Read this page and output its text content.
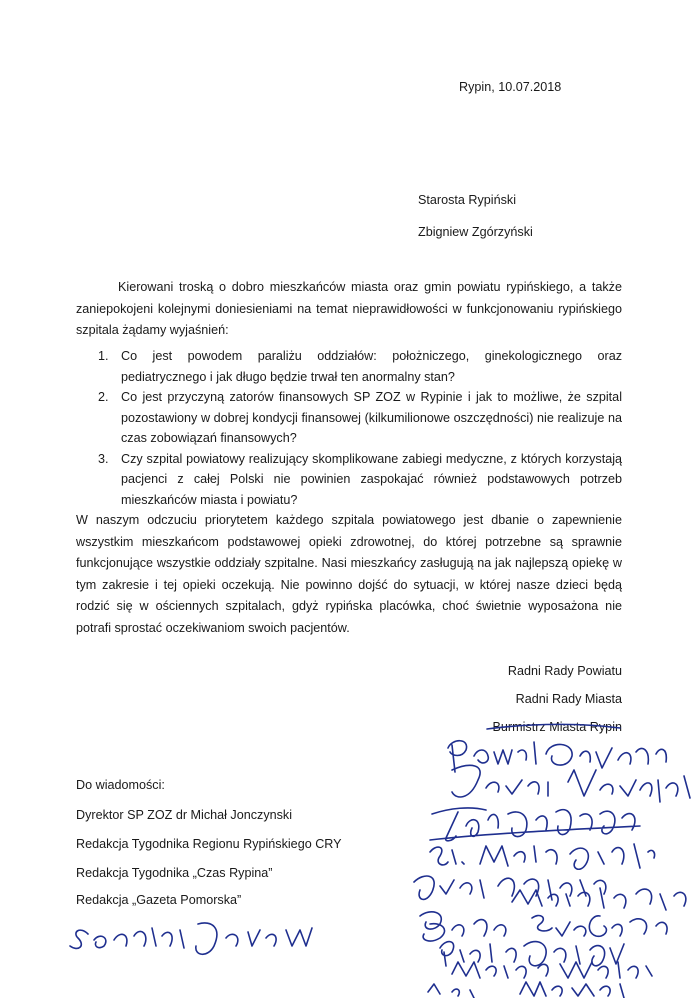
Rypin, 10.07.2018
Starosta Rypiński
Zbigniew Zgórzyński
Kierowani troską o dobro mieszkańców miasta oraz gmin powiatu rypińskiego, a także zaniepokojeni kolejnymi doniesieniami na temat nieprawidłowości w funkcjonowaniu rypińskiego szpitala żądamy wyjaśnień:
1. Co jest powodem paraliżu oddziałów: położniczego, ginekologicznego oraz pediatrycznego i jak długo będzie trwał ten anormalny stan?
2. Co jest przyczyną zatorów finansowych SP ZOZ w Rypinie i jak to możliwe, że szpital pozostawiony w dobrej kondycji finansowej (kilkumilionowe oszczędności) nie realizuje na czas zobowiązań finansowych?
3. Czy szpital powiatowy realizujący skomplikowane zabiegi medyczne, z których korzystają pacjenci z całej Polski nie powinien zaspokajać również podstawowych potrzeb mieszkańców miasta i powiatu?
W naszym odczuciu priorytetem każdego szpitala powiatowego jest dbanie o zapewnienie wszystkim mieszkańcom podstawowej opieki zdrowotnej, do której potrzebne są sprawnie funkcjonujące wszystkie oddziały szpitalne. Nasi mieszkańcy zasługują na jak najlepszą opiekę w tym zakresie i tej opieki oczekują. Nie powinno dojść do sytuacji, w której nasze dzieci będą rodzić się w ościennych szpitalach, gdyż rypińska placówka, choć świetnie wyposażona nie potrafi sprostać oczekiwaniom swoich pacjentów.
Radni Rady Powiatu
Radni Rady Miasta
Burmistrz Miasta Rypin
Do wiadomości:
Dyrektor SP ZOZ dr Michał Jonczynski
Redakcja Tygodnika Regionu Rypińskiego CRY
Redakcja Tygodnika „Czas Rypina”
Redakcja „Gazeta Pomorska”
